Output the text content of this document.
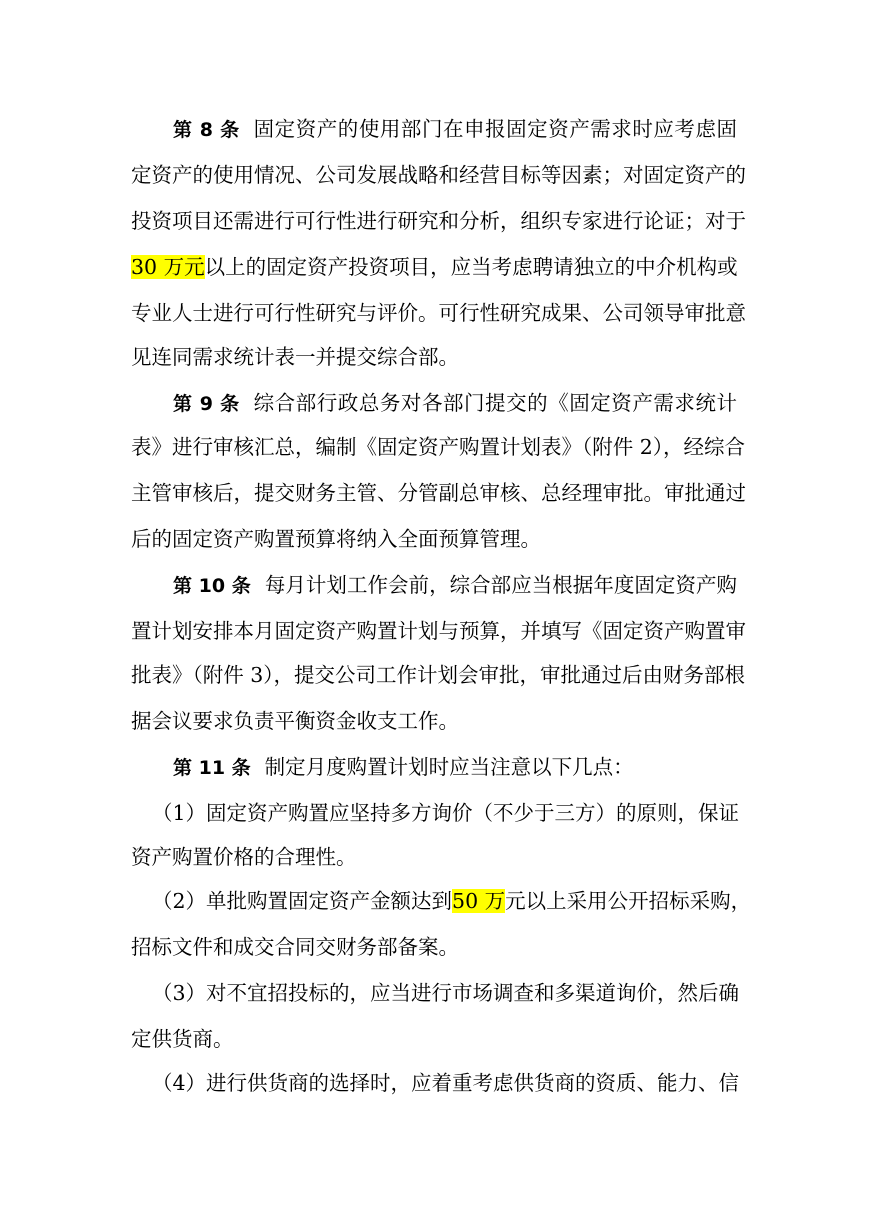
第 8 条 固定资产的使用部门在申报固定资产需求时应考虑固
定资产的使用情况、公司发展战略和经营目标等因素；对固定资产的
投资项目还需进行可行性进行研究和分析，组织专家进行论证；对于
30 万元以上的固定资产投资项目，应当考虑聘请独立的中介机构或
专业人士进行可行性研究与评价。可行性研究成果、公司领导审批意
见连同需求统计表一并提交综合部。
第 9 条 综合部行政总务对各部门提交的《固定资产需求统计
表》进行审核汇总，编制《固定资产购置计划表》（附件 2），经综合
主管审核后，提交财务主管、分管副总审核、总经理审批。审批通过
后的固定资产购置预算将纳入全面预算管理。
第 10 条 每月计划工作会前，综合部应当根据年度固定资产购
置计划安排本月固定资产购置计划与预算，并填写《固定资产购置审
批表》（附件 3），提交公司工作计划会审批，审批通过后由财务部根
据会议要求负责平衡资金收支工作。
第 11 条 制定月度购置计划时应当注意以下几点：
（1）固定资产购置应坚持多方询价（不少于三方）的原则，保证
资产购置价格的合理性。
（2）单批购置固定资产金额达到50 万元以上采用公开招标采购，
招标文件和成交合同交财务部备案。
（3）对不宜招投标的，应当进行市场调查和多渠道询价，然后确
定供货商。
（4）进行供货商的选择时，应着重考虑供货商的资质、能力、信
